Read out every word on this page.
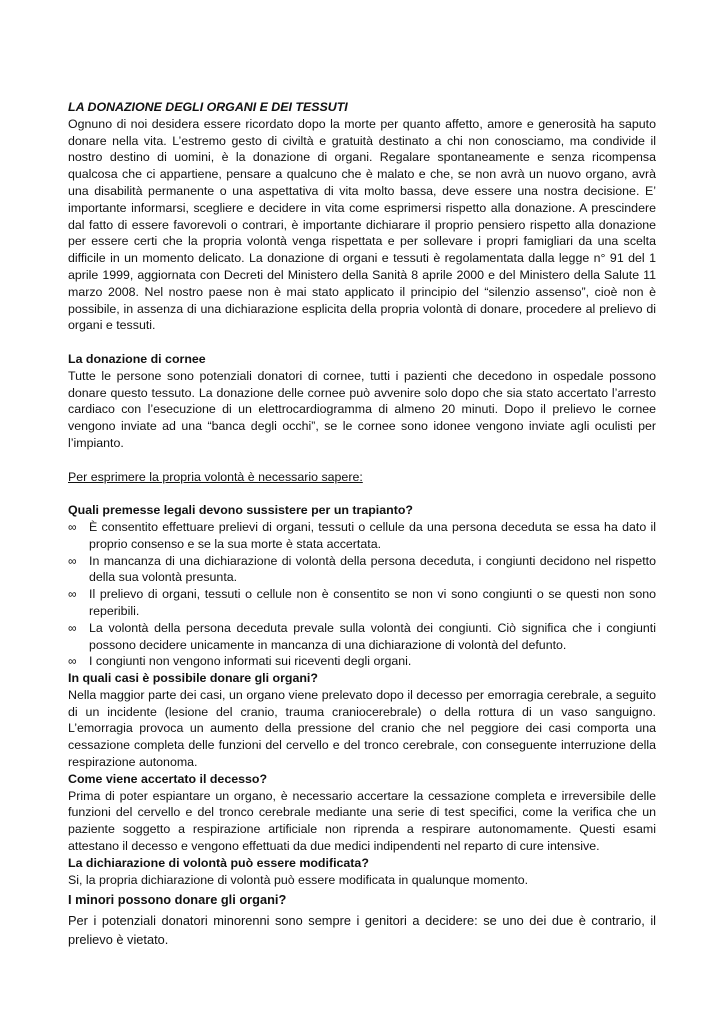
LA DONAZIONE DEGLI ORGANI E DEI TESSUTI
Ognuno di noi desidera essere ricordato dopo la morte per quanto affetto, amore e generosità ha saputo donare nella vita. L’estremo gesto di civiltà e gratuità destinato a chi non conosciamo, ma condivide il nostro destino di uomini, è la donazione di organi. Regalare spontaneamente e senza ricompensa qualcosa che ci appartiene, pensare a qualcuno che è malato e che, se non avrà un nuovo organo, avrà una disabilità permanente o una aspettativa di vita molto bassa, deve essere una nostra decisione. E’ importante informarsi, scegliere e decidere in vita come esprimersi rispetto alla donazione. A prescindere dal fatto di essere favorevoli o contrari, è importante dichiarare il proprio pensiero rispetto alla donazione per essere certi che la propria volontà venga rispettata e per sollevare i propri famigliari da una scelta difficile in un momento delicato. La donazione di organi e tessuti è regolamentata dalla legge n° 91 del 1 aprile 1999, aggiornata con Decreti del Ministero della Sanità 8 aprile 2000 e del Ministero della Salute 11 marzo 2008. Nel nostro paese non è mai stato applicato il principio del “silenzio assenso”, cioè non è possibile, in assenza di una dichiarazione esplicita della propria volontà di donare, procedere al prelievo di organi e tessuti.
La donazione di cornee
Tutte le persone sono potenziali donatori di cornee, tutti i pazienti che decedono in ospedale possono donare questo tessuto. La donazione delle cornee può avvenire solo dopo che sia stato accertato l’arresto cardiaco con l’esecuzione di un elettrocardiogramma di almeno 20 minuti. Dopo il prelievo le cornee vengono inviate ad una “banca degli occhi”, se le cornee sono idonee vengono inviate agli oculisti per l’impianto.
Per esprimere la propria volontà è necessario sapere:
Quali premesse legali devono sussistere per un trapianto?
∞ È consentito effettuare prelievi di organi, tessuti o cellule da una persona deceduta se essa ha dato il proprio consenso e se la sua morte è stata accertata.
∞ In mancanza di una dichiarazione di volontà della persona deceduta, i congiunti decidono nel rispetto della sua volontà presunta.
∞ Il prelievo di organi, tessuti o cellule non è consentito se non vi sono congiunti o se questi non sono reperibili.
∞ La volontà della persona deceduta prevale sulla volontà dei congiunti. Ciò significa che i congiunti possono decidere unicamente in mancanza di una dichiarazione di volontà del defunto.
∞ I congiunti non vengono informati sui riceventi degli organi.
In quali casi è possibile donare gli organi?
Nella maggior parte dei casi, un organo viene prelevato dopo il decesso per emorragia cerebrale, a seguito di un incidente (lesione del cranio, trauma craniocerebrale) o della rottura di un vaso sanguigno. L’emorragia provoca un aumento della pressione del cranio che nel peggiore dei casi comporta una cessazione completa delle funzioni del cervello e del tronco cerebrale, con conseguente interruzione della respirazione autonoma.
Come viene accertato il decesso?
Prima di poter espiantare un organo, è necessario accertare la cessazione completa e irreversibile delle funzioni del cervello e del tronco cerebrale mediante una serie di test specifici, come la verifica che un paziente soggetto a respirazione artificiale non riprenda a respirare autonomamente. Questi esami attestano il decesso e vengono effettuati da due medici indipendenti nel reparto di cure intensive.
La dichiarazione di volontà può essere modificata?
Si, la propria dichiarazione di volontà può essere modificata in qualunque momento.
I minori possono donare gli organi?
Per i potenziali donatori minorenni sono sempre i genitori a decidere: se uno dei due è contrario, il prelievo è vietato.
